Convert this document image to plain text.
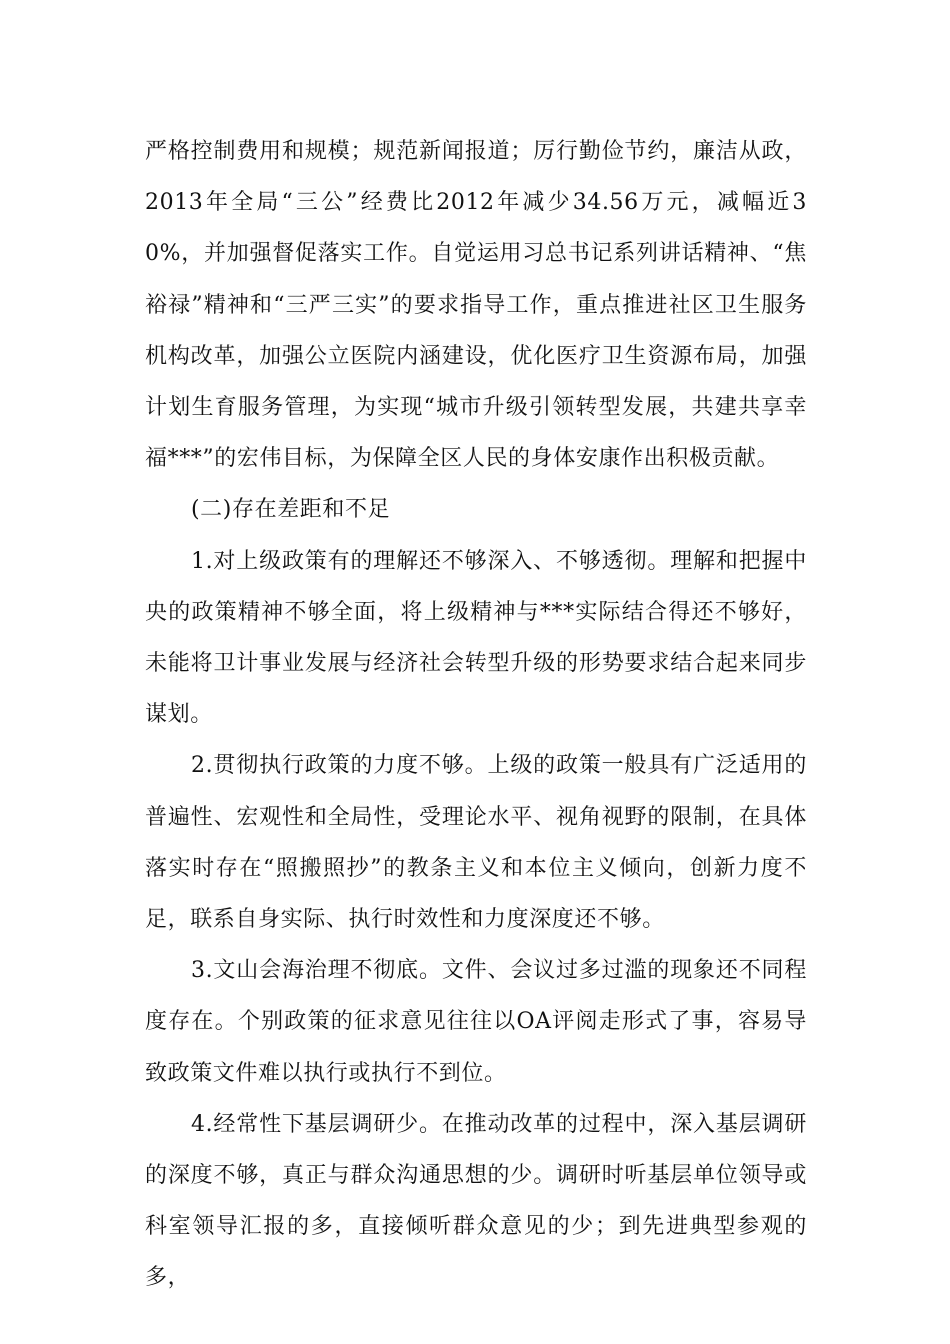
严格控制费用和规模；规范新闻报道；厉行勤俭节约，廉洁从政，2013年全局“三公”经费比2012年减少34.56万元，减幅近30%，并加强督促落实工作。自觉运用习总书记系列讲话精神、“焦裕禄”精神和“三严三实”的要求指导工作，重点推进社区卫生服务机构改革，加强公立医院内涵建设，优化医疗卫生资源布局，加强计划生育服务管理，为实现“城市升级引领转型发展，共建共享幸福***”的宏伟目标，为保障全区人民的身体安康作出积极贡献。

(二)存在差距和不足

1.对上级政策有的理解还不够深入、不够透彻。理解和把握中央的政策精神不够全面，将上级精神与***实际结合得还不够好，未能将卫计事业发展与经济社会转型升级的形势要求结合起来同步谋划。

2.贯彻执行政策的力度不够。上级的政策一般具有广泛适用的普遍性、宏观性和全局性，受理论水平、视角视野的限制，在具体落实时存在“照搬照抄”的教条主义和本位主义倾向，创新力度不足，联系自身实际、执行时效性和力度深度还不够。

3.文山会海治理不彻底。文件、会议过多过滥的现象还不同程度存在。个别政策的征求意见往往以OA评阅走形式了事，容易导致政策文件难以执行或执行不到位。

4.经常性下基层调研少。在推动改革的过程中，深入基层调研的深度不够，真正与群众沟通思想的少。调研时听基层单位领导或科室领导汇报的多，直接倾听群众意见的少；到先进典型参观的多，
